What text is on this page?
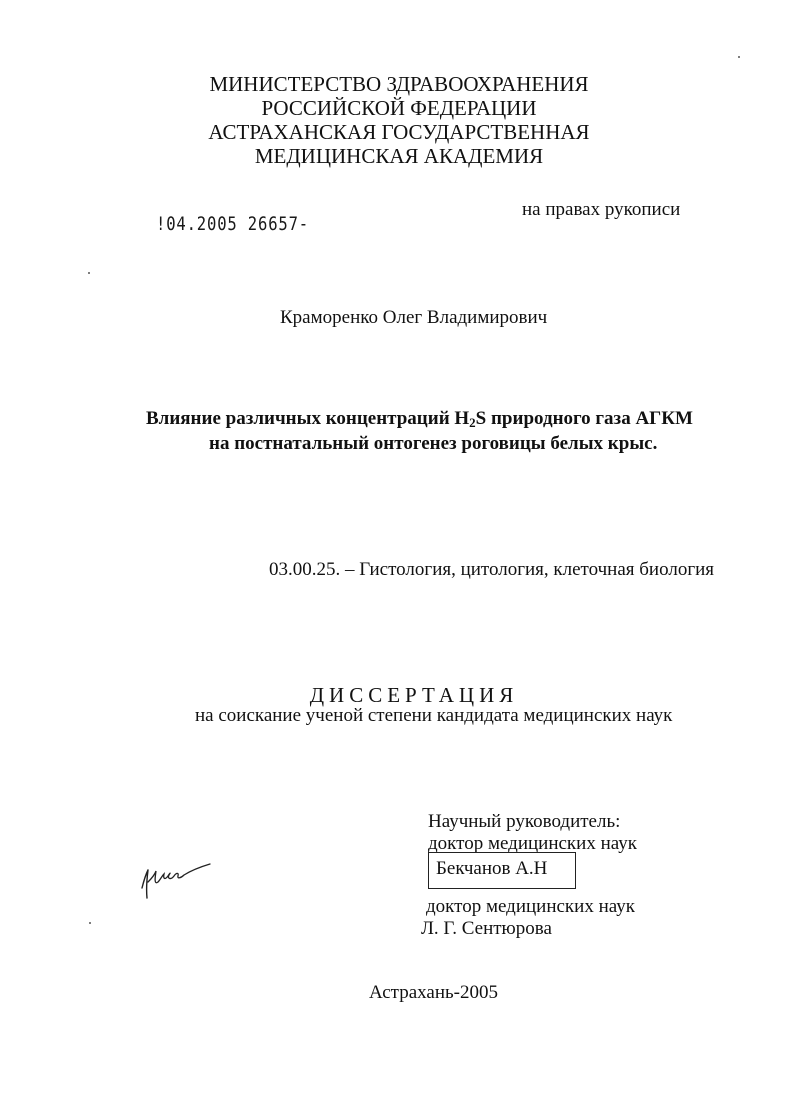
МИНИСТЕРСТВО ЗДРАВООХРАНЕНИЯ
РОССИЙСКОЙ ФЕДЕРАЦИИ
АСТРАХАНСКАЯ ГОСУДАРСТВЕННАЯ
МЕДИЦИНСКАЯ АКАДЕМИЯ
!04.2005 26657-
на правах рукописи
Краморенко Олег Владимирович
Влияние различных концентраций $H_2S$ природного газа АГКМ
на постнатальный онтогенез роговицы белых крыс.
03.00.25. – Гистология, цитология, клеточная биология
ДИССЕРТАЦИЯ
на соискание ученой степени кандидата медицинских наук
Научный руководитель:
доктор медицинских наук
Бекчанов А.Н
доктор медицинских наук
Л. Г. Сентюрова
Астрахань-2005
